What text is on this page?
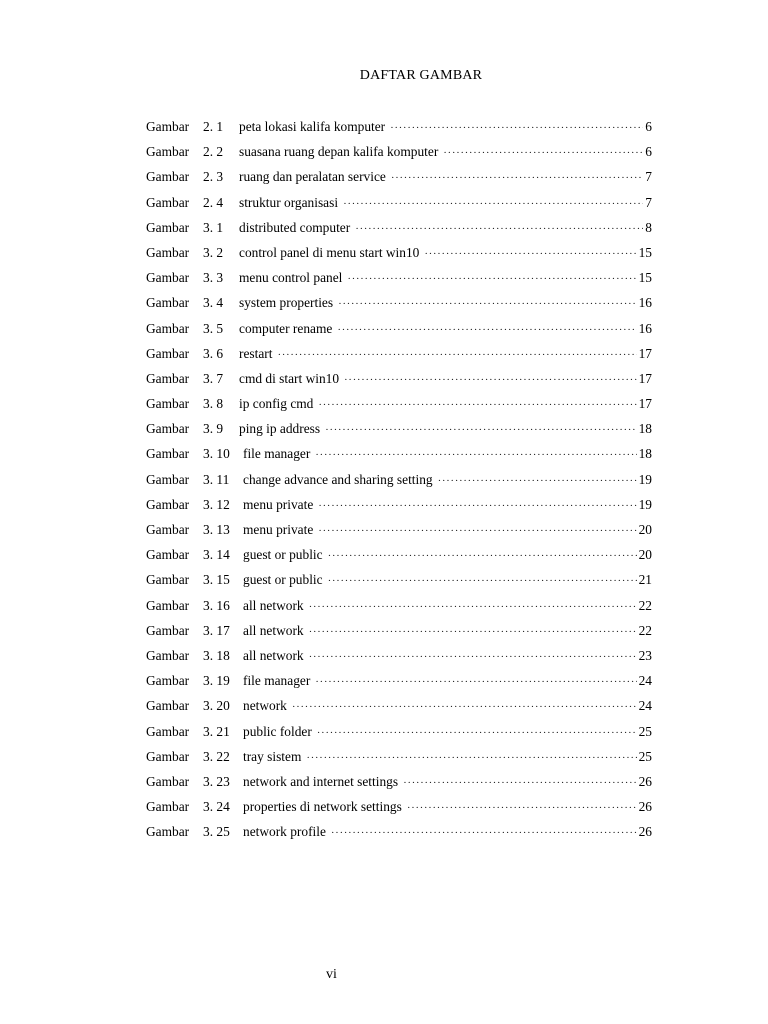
DAFTAR GAMBAR
Gambar	2. 1	peta lokasi kalifa komputer ·····	6
Gambar	2. 2	suasana ruang depan kalifa komputer ·····	6
Gambar	2. 3	ruang dan peralatan service ·····	7
Gambar	2. 4	struktur organisasi ·····	7
Gambar	3. 1	distributed computer ·····	8
Gambar	3. 2	control panel di menu start win10 ·····	15
Gambar	3. 3	menu control panel ·····	15
Gambar	3. 4	system properties ·····	16
Gambar	3. 5	computer rename ·····	16
Gambar	3. 6	restart ·····	17
Gambar	3. 7	cmd di start win10 ·····	17
Gambar	3. 8	ip config cmd ·····	17
Gambar	3. 9	ping ip address ·····	18
Gambar	3. 10 file manager ·····	18
Gambar	3. 11	change advance and sharing setting ·····	19
Gambar	3. 12 menu private ·····	19
Gambar	3. 13 menu private ·····	20
Gambar	3. 14 guest or public ·····	20
Gambar	3. 15 guest or public ·····	21
Gambar	3. 16 all network ·····	22
Gambar	3. 17 all network ·····	22
Gambar	3. 18 all network ·····	23
Gambar	3. 19 file manager ·····	24
Gambar	3. 20 network ·····	24
Gambar	3. 21 public folder ·····	25
Gambar	3. 22 tray sistem ·····	25
Gambar	3. 23 network and internet settings ·····	26
Gambar	3. 24 properties di network settings ·····	26
Gambar	3. 25 network profile ·····	26
vi
